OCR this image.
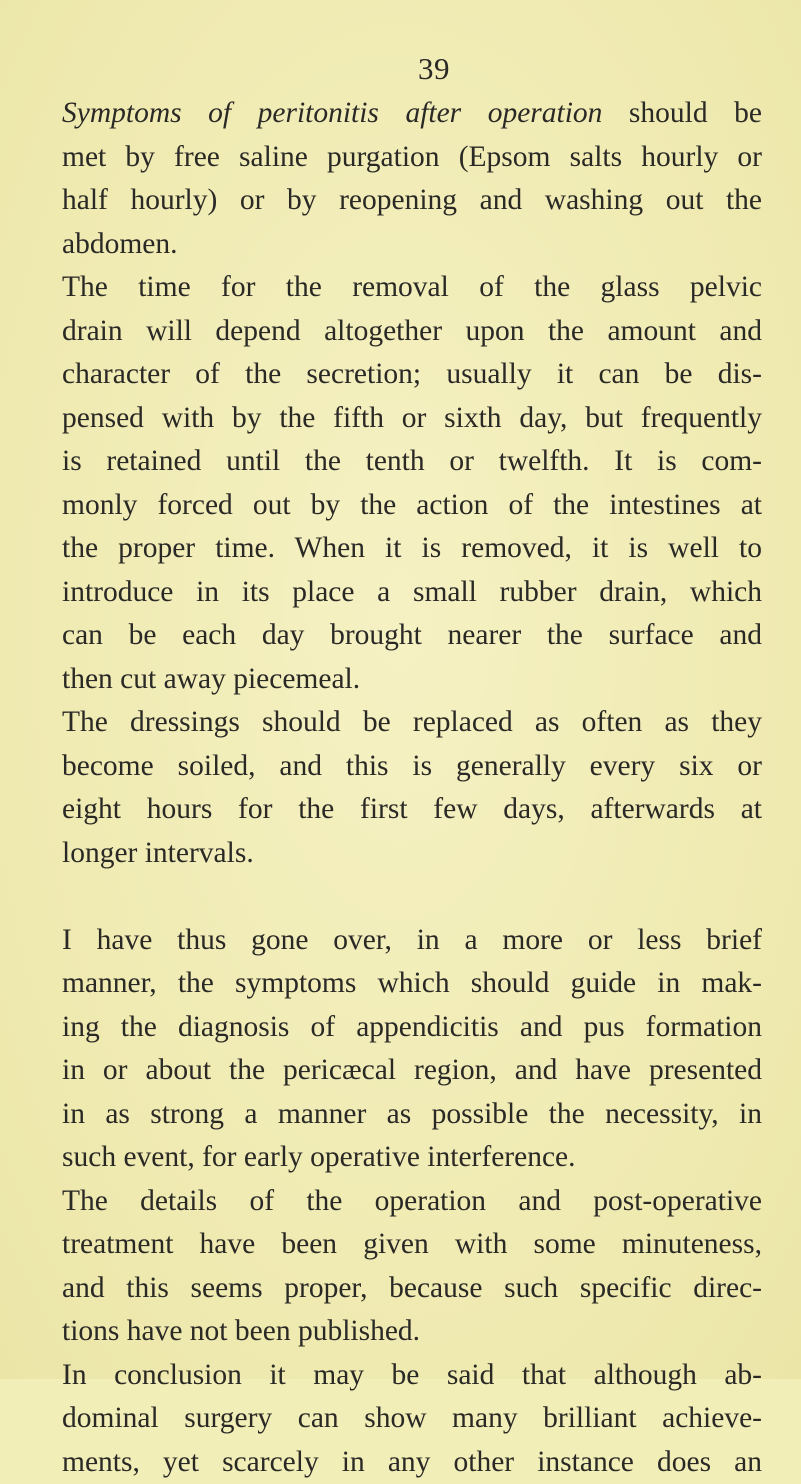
39
Symptoms of peritonitis after operation should be
met by free saline purgation (Epsom salts hourly or
half hourly) or by reopening and washing out the
abdomen.
The time for the removal of the glass pelvic
drain will depend altogether upon the amount and
character of the secretion; usually it can be dis-
pensed with by the fifth or sixth day, but frequently
is retained until the tenth or twelfth. It is com-
monly forced out by the action of the intestines at
the proper time. When it is removed, it is well to
introduce in its place a small rubber drain, which
can be each day brought nearer the surface and
then cut away piecemeal.
The dressings should be replaced as often as they
become soiled, and this is generally every six or
eight hours for the first few days, afterwards at
longer intervals.
I have thus gone over, in a more or less brief
manner, the symptoms which should guide in mak-
ing the diagnosis of appendicitis and pus formation
in or about the pericæcal region, and have presented
in as strong a manner as possible the necessity, in
such event, for early operative interference.
The details of the operation and post-operative
treatment have been given with some minuteness,
and this seems proper, because such specific direc-
tions have not been published.
In conclusion it may be said that although ab-
dominal surgery can show many brilliant achieve-
ments, yet scarcely in any other instance does an
